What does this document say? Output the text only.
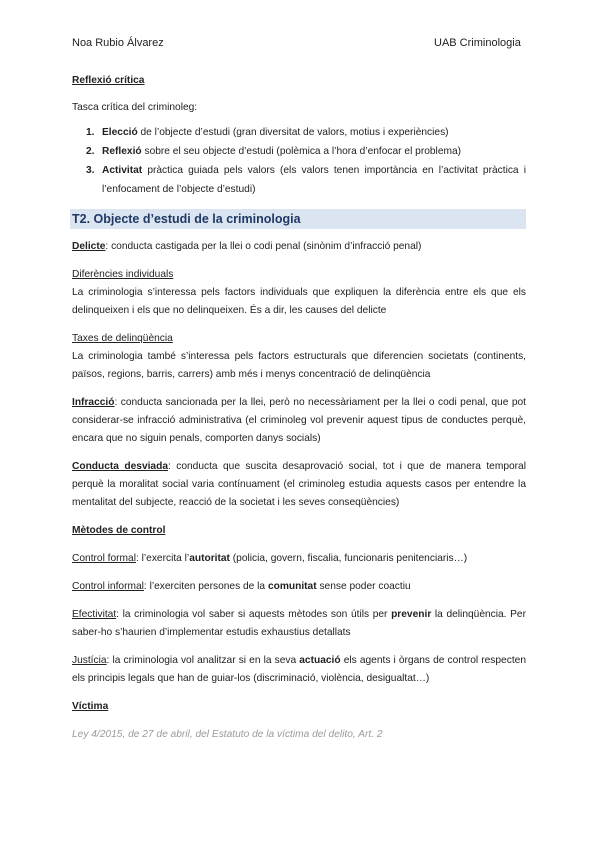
Noa Rubio Álvarez	UAB Criminologia

Reflexió crítica

Tasca crítica del criminoleg:

1. Elecció de l’objecte d’estudi (gran diversitat de valors, motius i experiències)
2. Reflexió sobre el seu objecte d’estudi (polèmica a l’hora d’enfocar el problema)
3. Activitat pràctica guiada pels valors (els valors tenen importància en l’activitat pràctica i l’enfocament de l’objecte d’estudi)
T2. Objecte d’estudi de la criminologia

Delicte: conducta castigada per la llei o codi penal (sinònim d’infracció penal)

Diferències individuals

La criminologia s’interessa pels factors individuals que expliquen la diferència entre els que els delinqueixen i els que no delinqueixen. És a dir, les causes del delicte

Taxes de delinqüència

La criminologia també s’interessa pels factors estructurals que diferencien societats (continents, països, regions, barris, carrers) amb més i menys concentració de delinqüència

Infracció: conducta sancionada per la llei, però no necessàriament per la llei o codi penal, que pot considerar-se infracció administrativa (el criminoleg vol prevenir aquest tipus de conductes perquè, encara que no siguin penals, comporten danys socials)

Conducta desviada: conducta que suscita desaprovació social, tot i que de manera temporal perquè la moralitat social varia contínuament (el criminoleg estudia aquests casos per entendre la mentalitat del subjecte, reacció de la societat i les seves conseqüències)

Mètodes de control

Control formal: l’exercita l’autoritat (policia, govern, fiscalia, funcionaris penitenciaris…)

Control informal: l’exerciten persones de la comunitat sense poder coactiu

Efectivitat: la criminologia vol saber si aquests mètodes son útils per prevenir la delinqüència. Per saber-ho s’haurien d’implementar estudis exhaustius detallats

Justícia: la criminologia vol analitzar si en la seva actuació els agents i òrgans de control respecten els principis legals que han de guiar-los (discriminació, violència, desigualtat…)

Víctima

Ley 4/2015, de 27 de abril, del Estatuto de la víctima del delito, Art. 2
